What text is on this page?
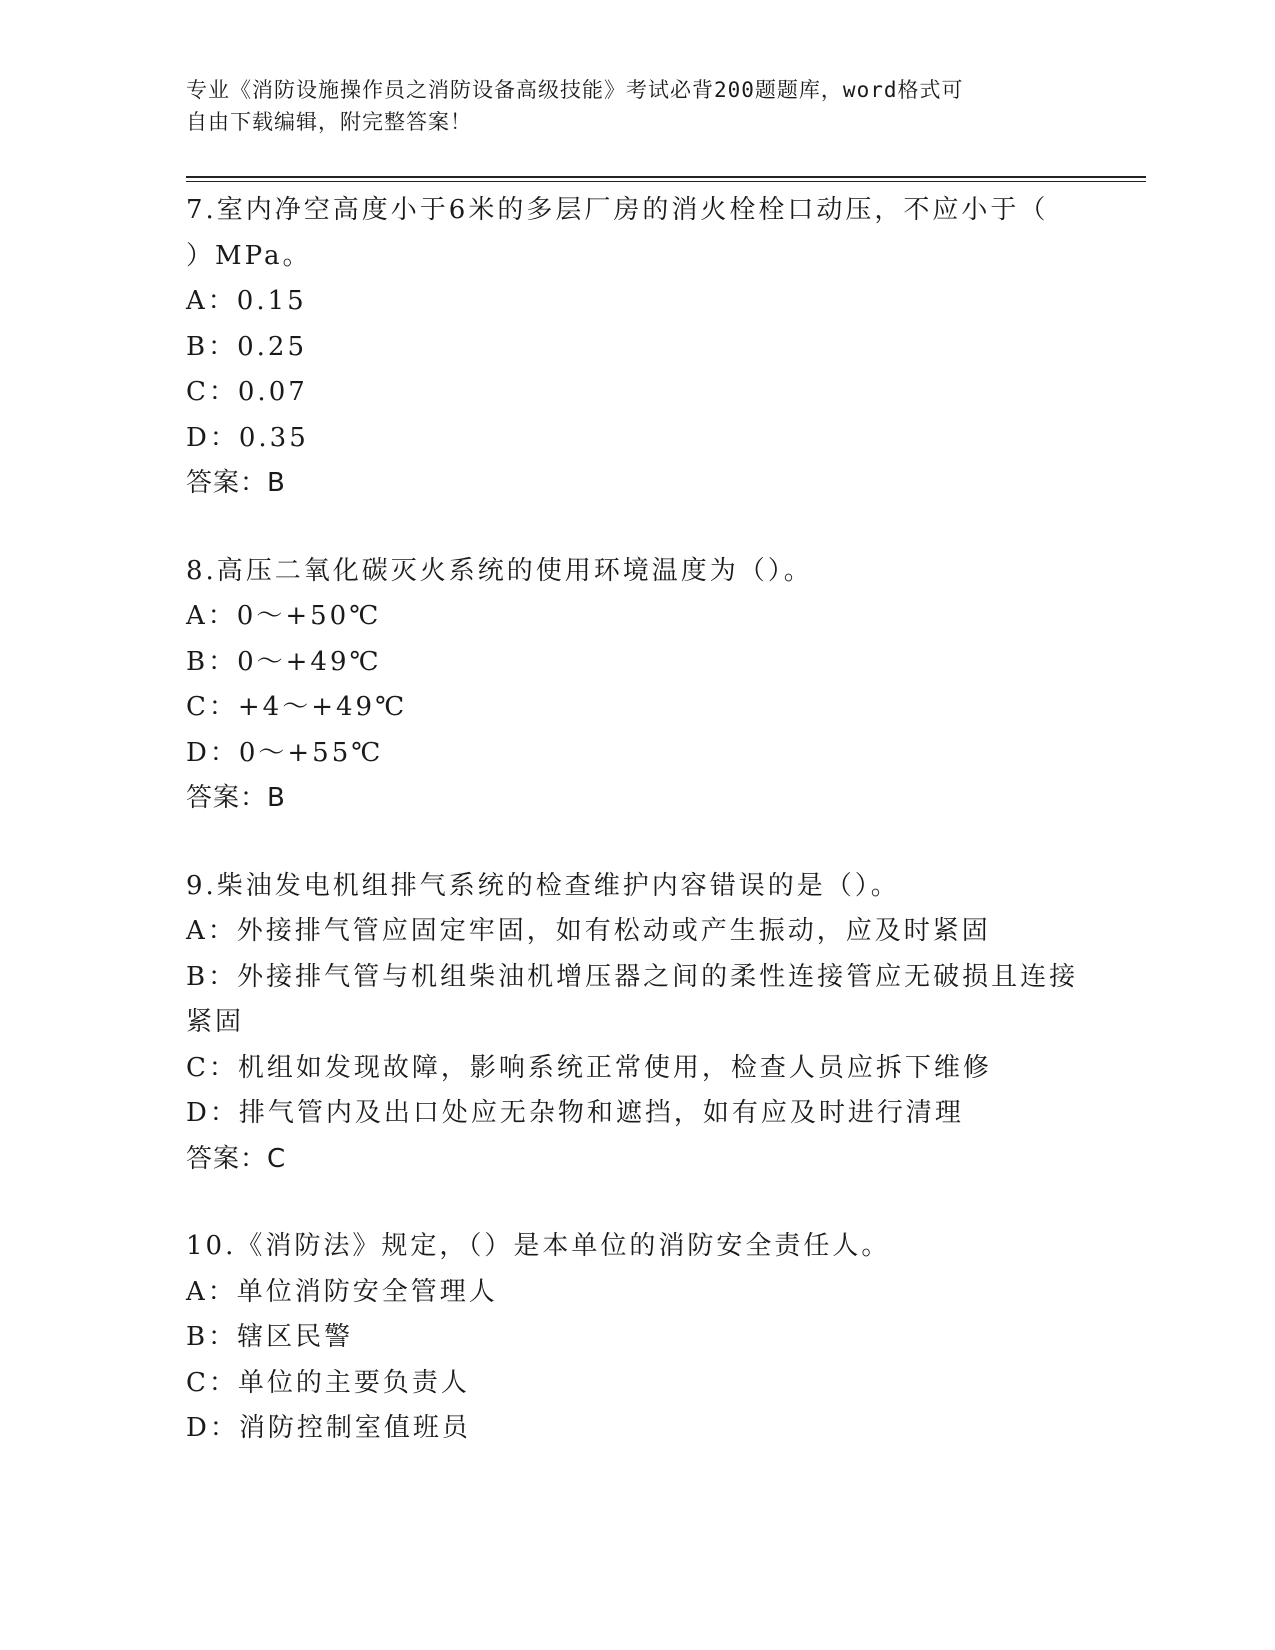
专业《消防设施操作员之消防设备高级技能》考试必背200题题库，word格式可
自由下载编辑，附完整答案！
7.室内净空高度小于6米的多层厂房的消火栓栓口动压，不应小于（
）MPa。
A：0.15
B：0.25
C：0.07
D：0.35
答案：B
8.高压二氧化碳灭火系统的使用环境温度为（）。
A：0～+50℃
B：0～+49℃
C：+4～+49℃
D：0～+55℃
答案：B
9.柴油发电机组排气系统的检查维护内容错误的是（）。
A：外接排气管应固定牢固，如有松动或产生振动，应及时紧固
B：外接排气管与机组柴油机增压器之间的柔性连接管应无破损且连接
紧固
C：机组如发现故障，影响系统正常使用，检查人员应拆下维修
D：排气管内及出口处应无杂物和遮挡，如有应及时进行清理
答案：C
10.《消防法》规定，（）是本单位的消防安全责任人。
A：单位消防安全管理人
B：辖区民警
C：单位的主要负责人
D：消防控制室值班员
